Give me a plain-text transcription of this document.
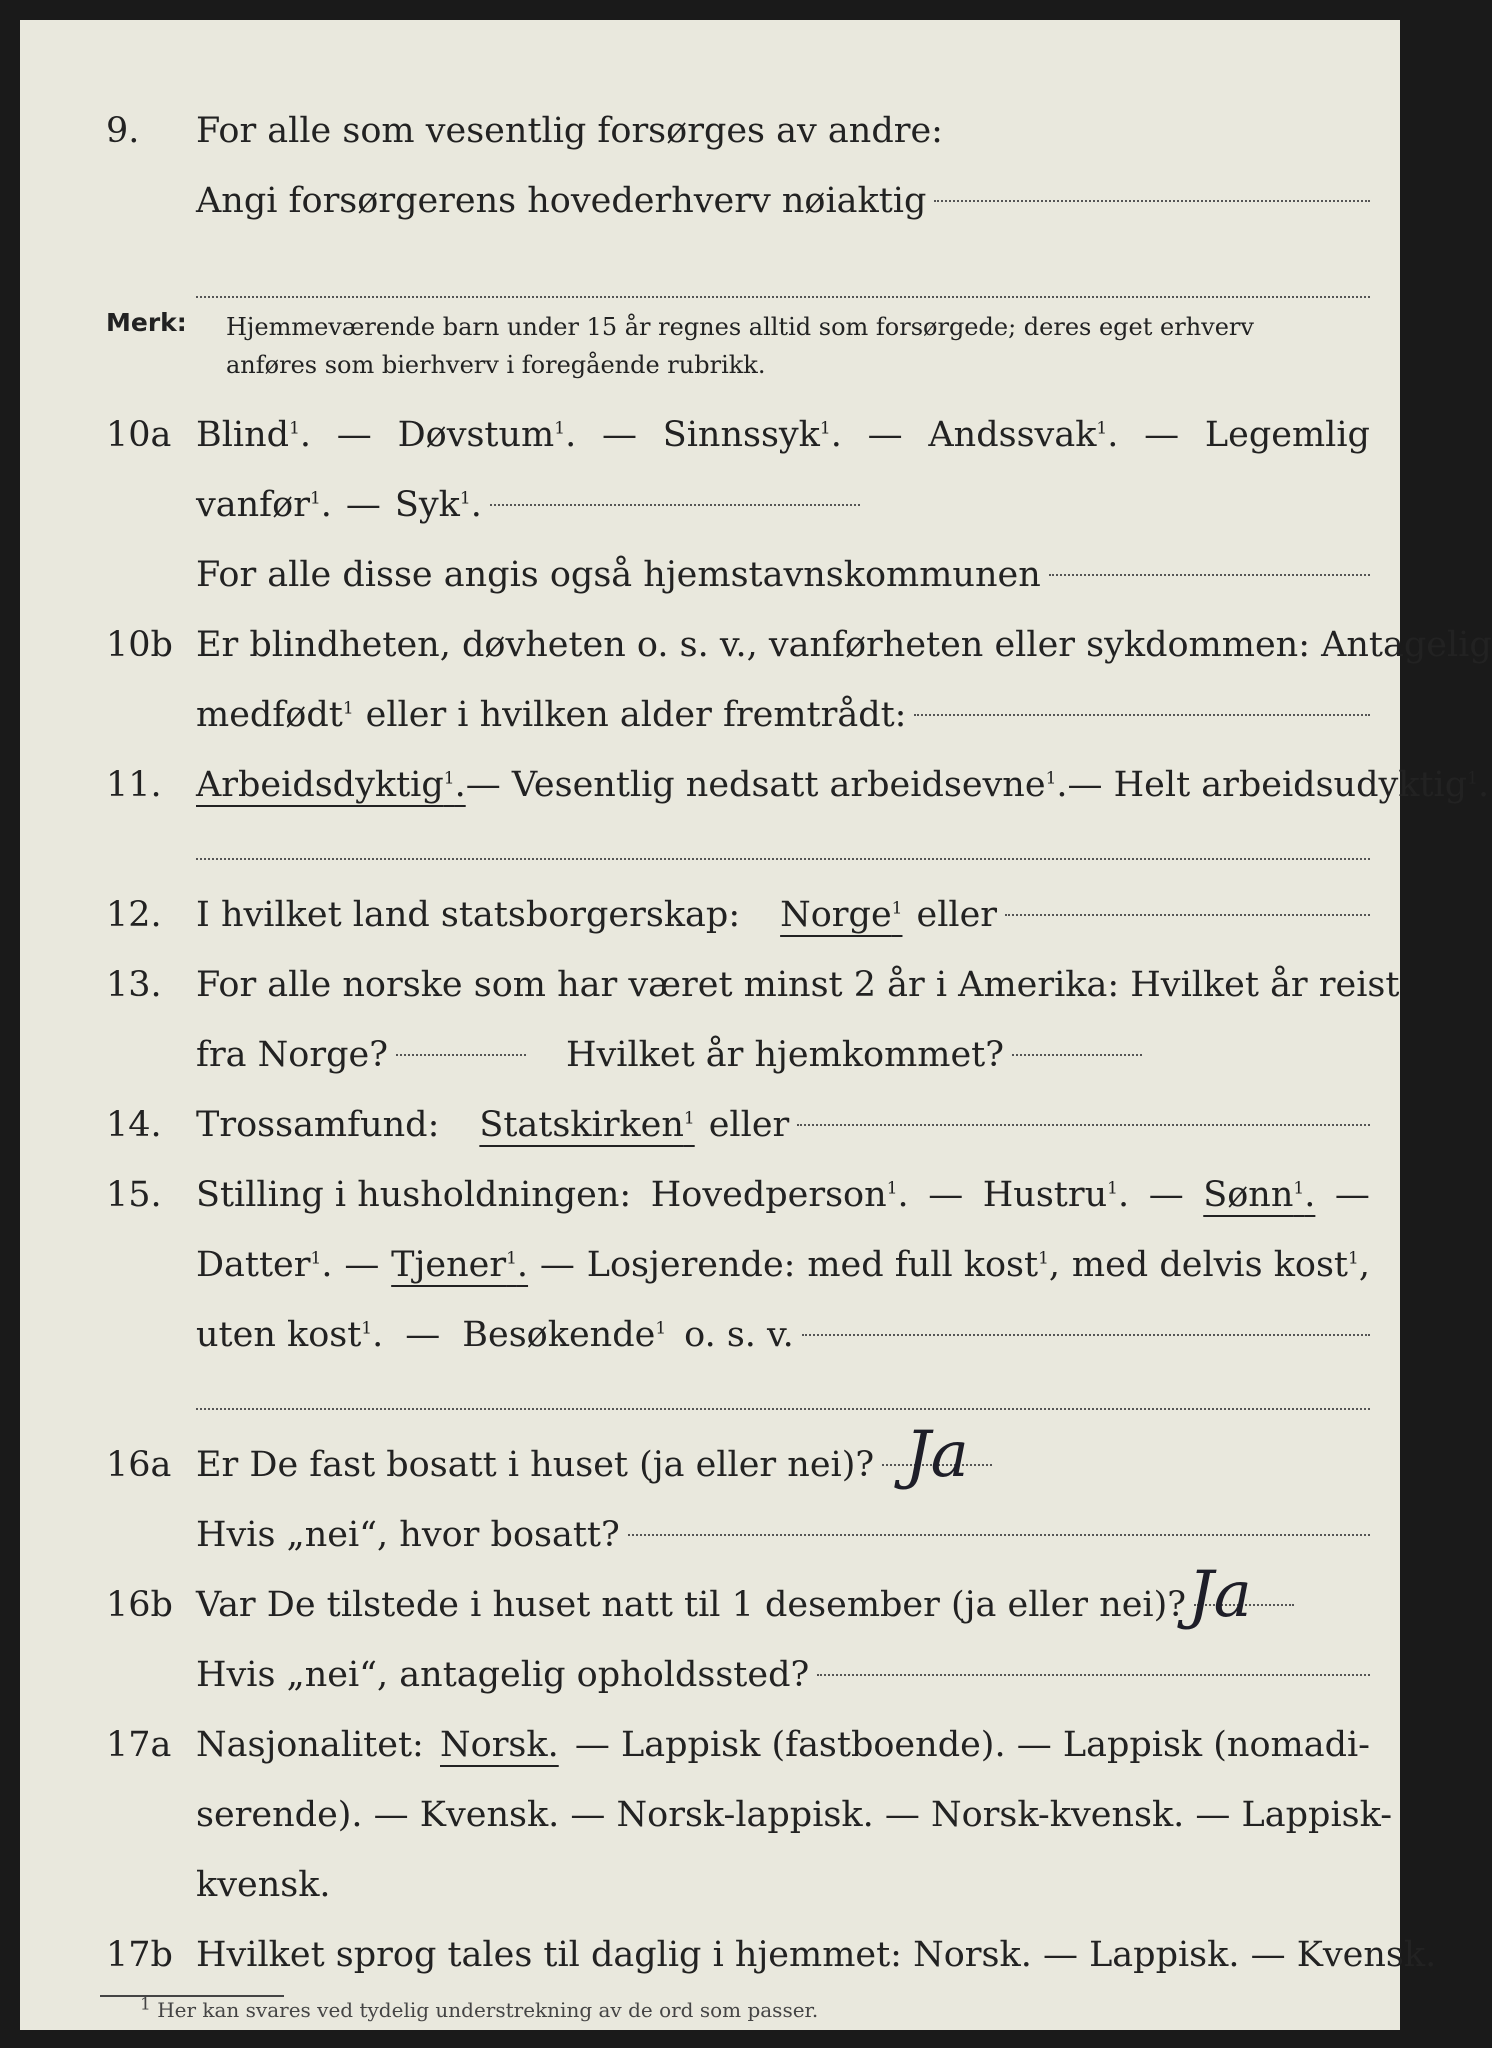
9. For alle som vesentlig forsørges av andre:
Angi forsørgerens hovederhverv nøiaktig
Merk: Hjemmeværende barn under 15 år regnes alltid som forsørgede; deres eget erhverv
anføres som bierhverv i foregående rubrikk.
10a Blind$^1$. — Døvstum$^1$. — Sinnssyk$^1$. — Andssvak$^1$. — Legemlig
vanfør$^1$. — Syk$^1$.
For alle disse angis også hjemstavnskommunen
10b Er blindheten, døvheten o. s. v., vanførheten eller sykdommen: Antagelig
medfødt$^1$ eller i hvilken alder fremtrådt:
11. Arbeidsdyktig$^1$. — Vesentlig nedsatt arbeidsevne$^1$. — Helt arbeidsudyktig$^1$.
12. I hvilket land statsborgerskap: Norge$^1$ eller
13. For alle norske som har været minst 2 år i Amerika: Hvilket år reist
fra Norge?	Hvilket år hjemkommet?
14. Trossamfund: Statskirken$^1$ eller
15. Stilling i husholdningen: Hovedperson$^1$. — Hustru$^1$. — Sønn$^1$. —
Datter$^1$. — Tjener$^1$. — Losjerende: med full kost$^1$, med delvis kost$^1$,
uten kost$^1$. — Besøkende$^1$ o. s. v.
16a Er De fast bosatt i huset (ja eller nei)? Ja
Hvis „nei“, hvor bosatt?
16b Var De tilstede i huset natt til 1 desember (ja eller nei)? Ja
Hvis „nei“, antagelig opholdssted?
17a Nasjonalitet: Norsk. — Lappisk (fastboende). — Lappisk (nomadi-
serende). — Kvensk. — Norsk-lappisk. — Norsk-kvensk. — Lappisk-
kvensk.
17b Hvilket sprog tales til daglig i hjemmet: Norsk. — Lappisk. — Kvensk.
$^1$ Her kan svares ved tydelig understrekning av de ord som passer.
